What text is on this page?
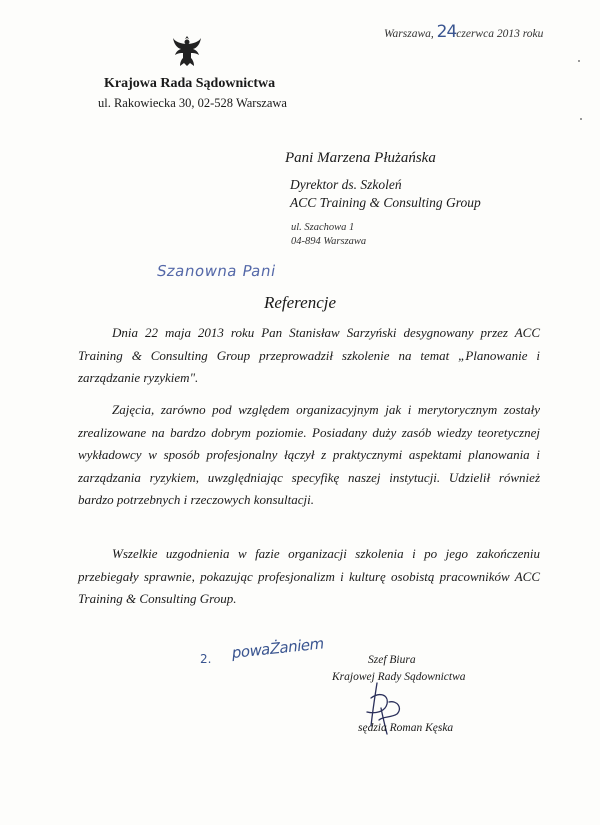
Warszawa, 24czerwca 2013 roku
Krajowa Rada Sądownictwa
ul. Rakowiecka 30, 02-528 Warszawa
Pani Marzena Płużańska
Dyrektor ds. Szkoleń
ACC Training & Consulting Group
ul. Szachowa 1
04-894 Warszawa
Szanowna Pani
Referencje

Dnia 22 maja 2013 roku Pan Stanisław Sarzyński desygnowany przez ACC Training & Consulting Group przeprowadził szkolenie na temat „Planowanie i zarządzanie ryzykiem".

Zajęcia, zarówno pod względem organizacyjnym jak i merytorycznym zostały zrealizowane na bardzo dobrym poziomie. Posiadany duży zasób wiedzy teoretycznej wykładowcy w sposób profesjonalny łączył z praktycznymi aspektami planowania i zarządzania ryzykiem, uwzględniając specyfikę naszej instytucji. Udzielił również bardzo potrzebnych i rzeczowych konsultacji.

Wszelkie uzgodnienia w fazie organizacji szkolenia i po jego zakończeniu przebiegały sprawnie, pokazując profesjonalizm i kulturę osobistą pracowników ACC Training & Consulting Group.

2. powaŻaniem	Szef Biura
Krajowej Rady Sądownictwa
sędzia Roman Kęska
